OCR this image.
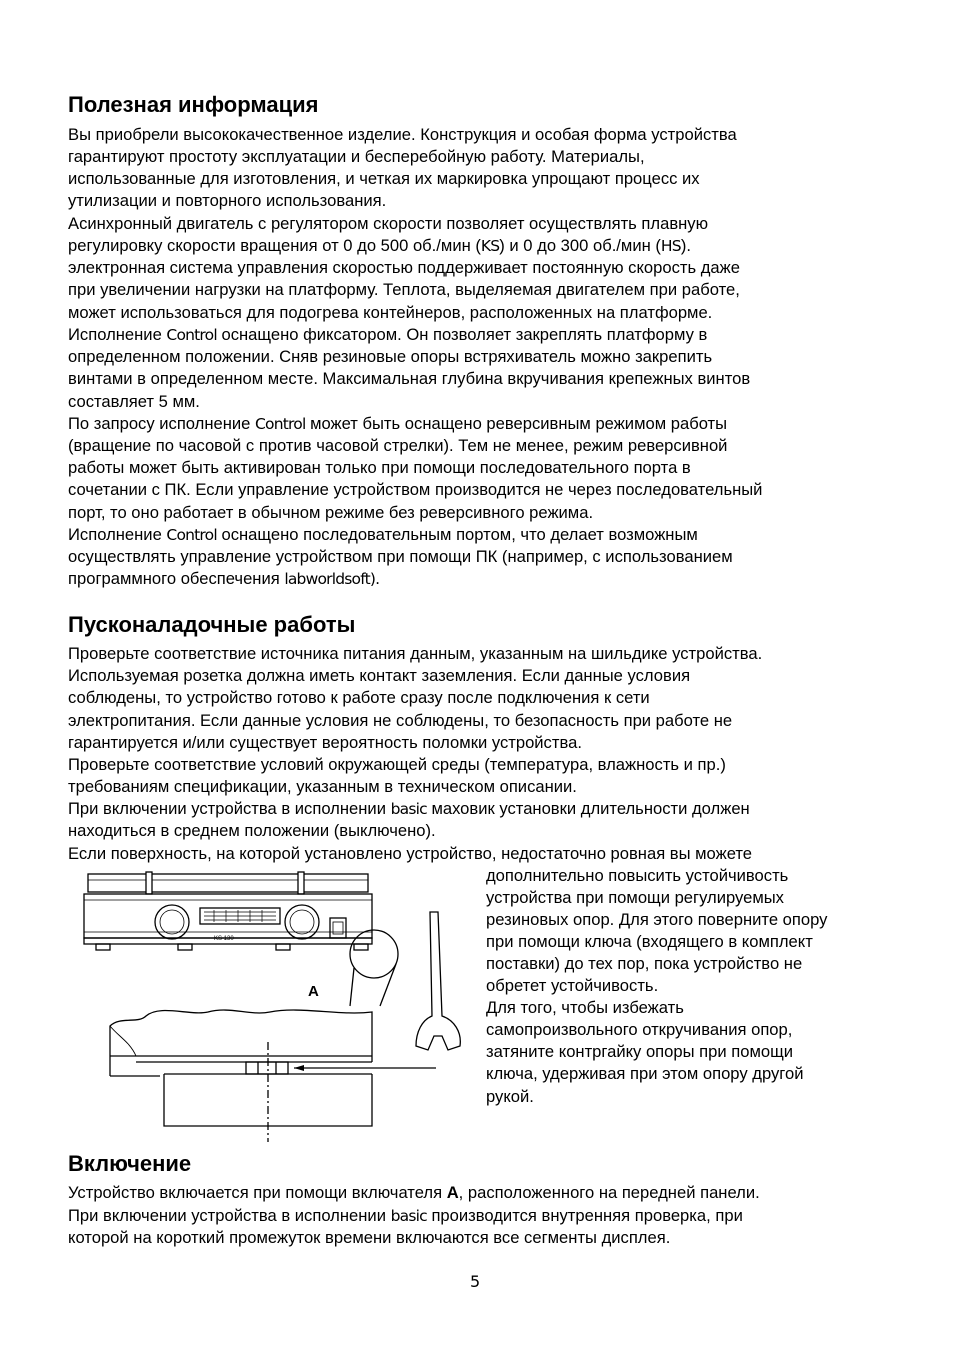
Полезная информация
Вы приобрели высококачественное изделие. Конструкция и особая форма устройства
гарантируют простоту эксплуатации и бесперебойную работу. Материалы,
использованные для изготовления, и четкая их маркировка упрощают процесс их
утилизации и повторного использования.
Асинхронный двигатель с регулятором скорости позволяет осуществлять плавную
регулировку скорости вращения от 0 до 500 об./мин (KS) и 0 до 300 об./мин (HS).
электронная система управления скоростью поддерживает постоянную скорость даже
при увеличении нагрузки на платформу. Теплота, выделяемая двигателем при работе,
может использоваться для подогрева контейнеров, расположенных на платформе.
Исполнение Control оснащено фиксатором. Он позволяет закреплять платформу в
определенном положении. Сняв резиновые опоры встряхиватель можно закрепить
винтами в определенном месте. Максимальная глубина вкручивания крепежных винтов
составляет 5 мм.
По запросу исполнение Control может быть оснащено реверсивным режимом работы
(вращение по часовой с против часовой стрелки). Тем не менее, режим реверсивной
работы может быть активирован только при помощи последовательного порта в
сочетании с ПК. Если управление устройством производится не через последовательный
порт, то оно работает в обычном режиме без реверсивного режима.
Исполнение Control оснащено последовательным портом, что делает возможным
осуществлять управление устройством при помощи ПК (например, с использованием
программного обеспечения labworldsoft).
Пусконаладочные работы
Проверьте соответствие источника питания данным, указанным на шильдике устройства.
Используемая розетка должна иметь контакт заземления. Если данные условия
соблюдены, то устройство готово к работе сразу после подключения к сети
электропитания. Если данные условия не соблюдены, то безопасность при работе не
гарантируется и/или существует вероятность поломки устройства.
Проверьте соответствие условий окружающей среды (температура, влажность и пр.)
требованиям спецификации, указанным в техническом описании.
При включении устройства в исполнении basic маховик установки длительности должен
находиться в среднем положении (выключено).
Если поверхность, на которой установлено устройство, недостаточно ровная вы можете
дополнительно повысить устойчивость
устройства при помощи регулируемых
резиновых опор. Для этого поверните опору
при помощи ключа (входящего в комплект
поставки) до тех пор, пока устройство не
обретет устойчивость.
Для того, чтобы избежать
самопроизвольного откручивания опор,
затяните контргайку опоры при помощи
ключа, удерживая при этом опору другой
рукой.
KS 130
A
Включение
Устройство включается при помощи включателя A, расположенного на передней панели.
При включении устройства в исполнении basic производится внутренняя проверка, при
которой на короткий промежуток времени включаются все сегменты дисплея.
5
